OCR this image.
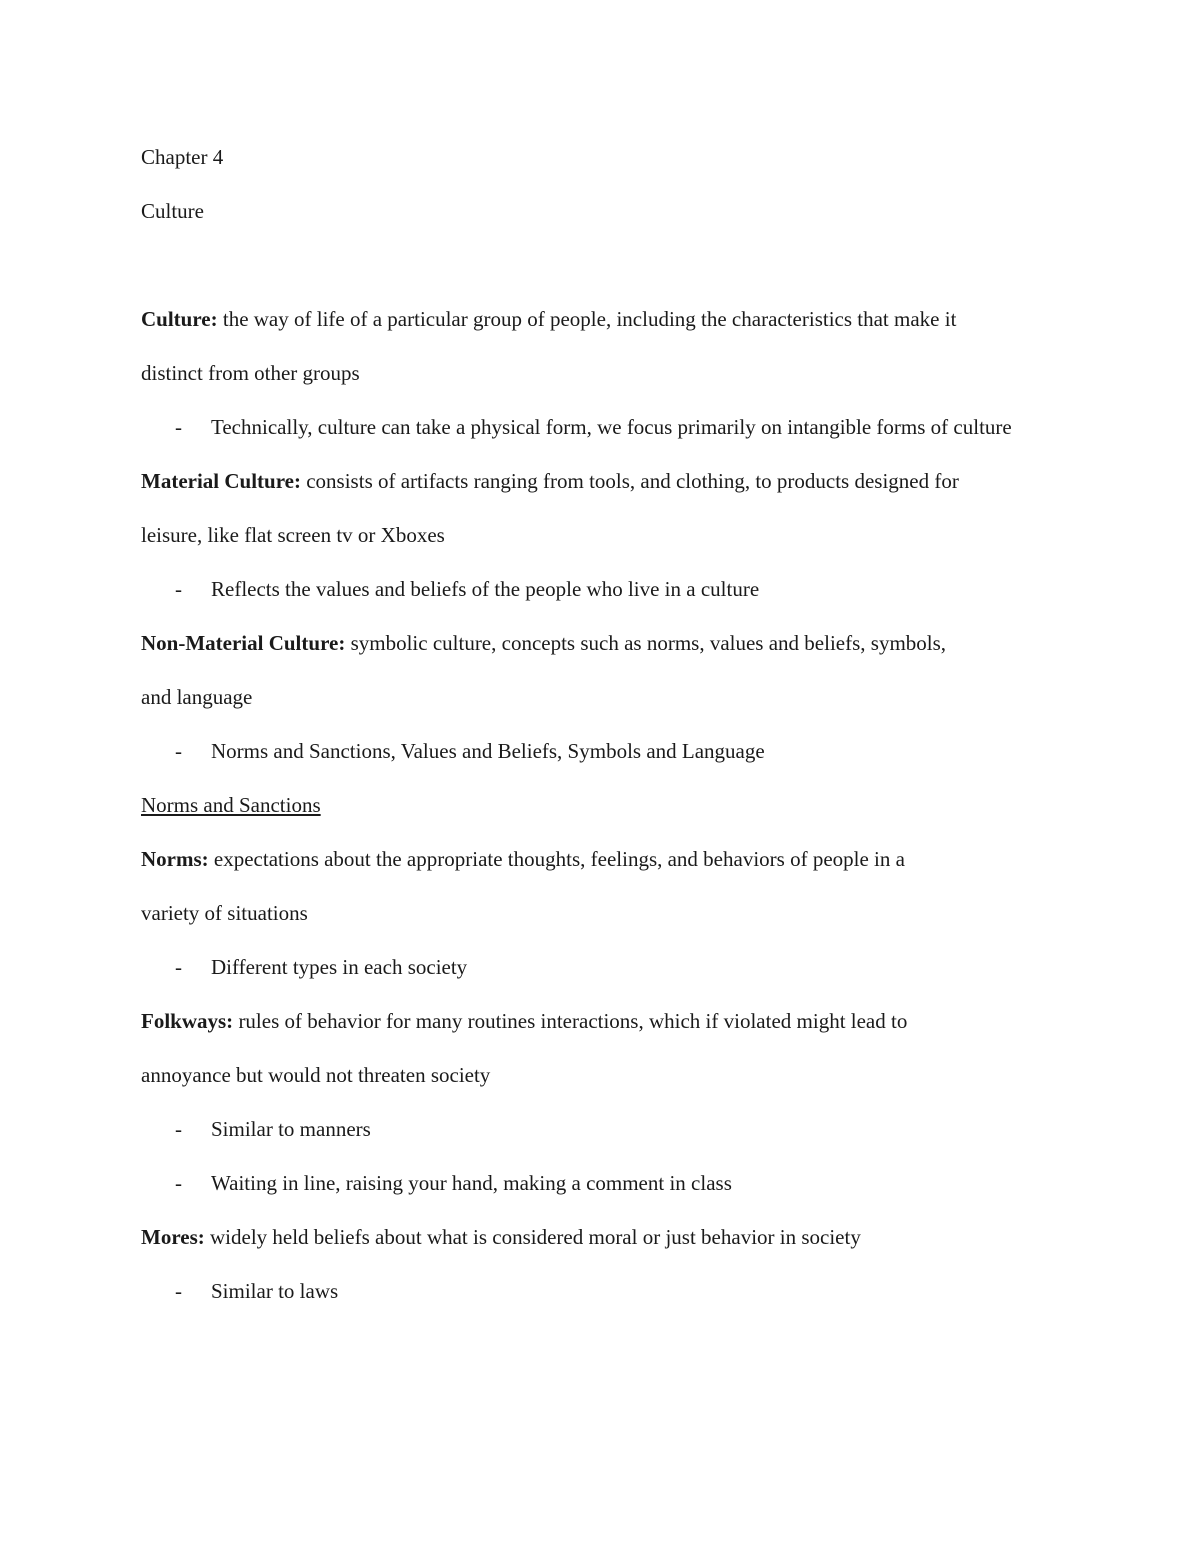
Chapter 4

Culture

Culture: the way of life of a particular group of people, including the characteristics that make it

distinct from other groups

- Technically, culture can take a physical form, we focus primarily on intangible forms of culture

Material Culture: consists of artifacts ranging from tools, and clothing, to products designed for

leisure, like flat screen tv or Xboxes

- Reflects the values and beliefs of the people who live in a culture

Non-Material Culture: symbolic culture, concepts such as norms, values and beliefs, symbols,

and language

- Norms and Sanctions, Values and Beliefs, Symbols and Language

Norms and Sanctions

Norms: expectations about the appropriate thoughts, feelings, and behaviors of people in a

variety of situations

- Different types in each society

Folkways: rules of behavior for many routines interactions, which if violated might lead to

annoyance but would not threaten society

- Similar to manners
- Waiting in line, raising your hand, making a comment in class

Mores: widely held beliefs about what is considered moral or just behavior in society

- Similar to laws
